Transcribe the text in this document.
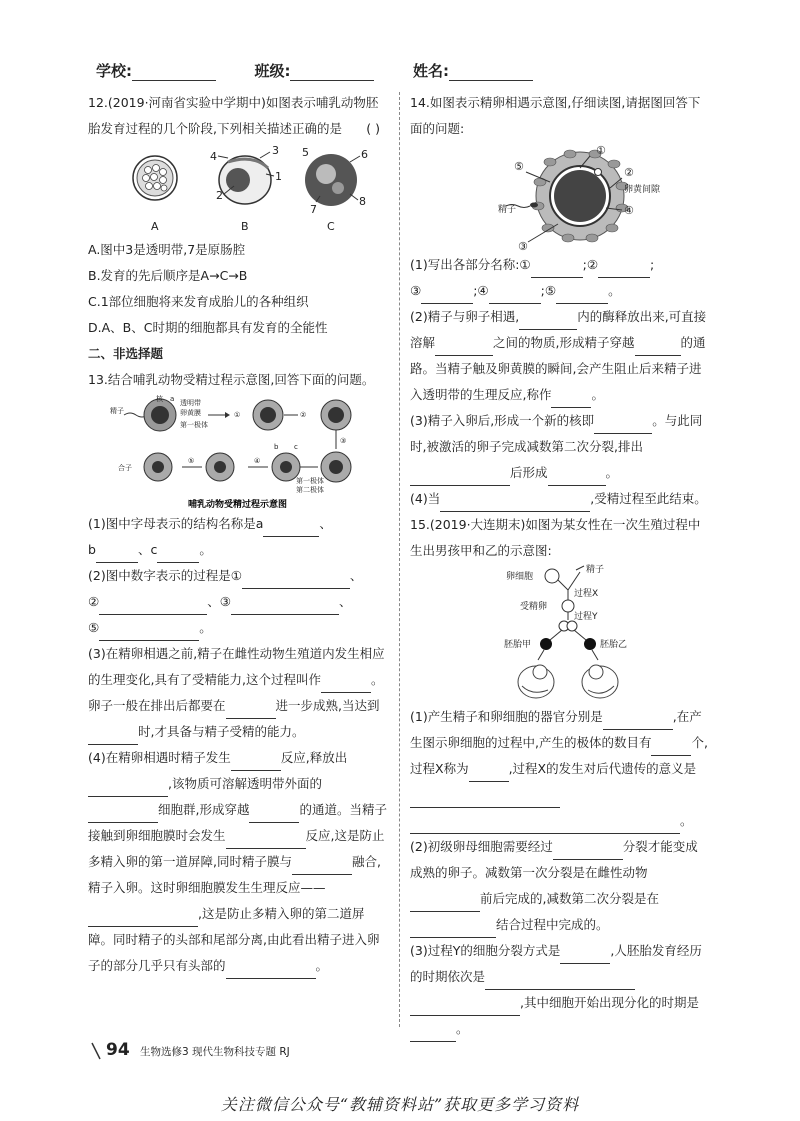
学校:	班级:	姓名:

12.(2019·河南省实验中学期中)如图表示哺乳动物胚胎发育过程的几个阶段,下列相关描述正确的是 ( )

4	3
1
2
5	6
7
8
A	B	C

A.图中3是透明带,7是原肠腔

B.发育的先后顺序是A→C→B

C.1部位细胞将来发育成胎儿的各种组织

D.A、B、C时期的细胞都具有发育的全能性

二、非选择题

13.结合哺乳动物受精过程示意图,回答下面的问题。

精子
核 a 透明带
卵黄膜
第一极体
①	②
③
b c
第一极体
第二极体
④
⑤
合子
哺乳动物受精过程示意图

(1)图中字母表示的结构名称是a	、
b	、c	。

(2)图中数字表示的过程是①	、
②	、③	、
⑤	。

(3)在精卵相遇之前,精子在雌性动物生殖道内发生相应的生理变化,具有了受精能力,这个过程叫作	。卵子一般在排出后都要在	进一步成熟,当达到时,才具备与精子受精的能力。

(4)在精卵相遇时精子发生	反应,释放出,该物质可溶解透明带外面的细胞群,形成穿越	的通道。当精子接触到卵细胞膜时会发生	反应,这是防止多精入卵的第一道屏障,同时精子膜与	融合,精子入卵。这时卵细胞膜发生生理反应——,这是防止多精入卵的第二道屏障。同时精子的头部和尾部分离,由此看出精子进入卵子的部分几乎只有头部的	。

14.如图表示精卵相遇示意图,仔细读图,请据图回答下面的问题:

精子
①
②
卵黄间隙
④
⑤
③

(1)写出各部分名称:①	;②	;
③	;④	;⑤	。

(2)精子与卵子相遇,	内的酶释放出来,可直接溶解	之间的物质,形成精子穿越	的通路。当精子触及卵黄膜的瞬间,会产生阻止后来精子进入透明带的生理反应,称作	。

(3)精子入卵后,形成一个新的核即	。与此同时,被激活的卵子完成减数第二次分裂,排出后形成	。

(4)当	,受精过程至此结束。

15.(2019·大连期末)如图为某女性在一次生殖过程中生出男孩甲和乙的示意图:

卵细胞
精子
过程X
受精卵
过程Y
胚胎甲	胚胎乙

(1)产生精子和卵细胞的器官分别是	,在产生图示卵细胞的过程中,产生的极体的数目有	个,过程X称为	,过程X的发生对后代遗传的意义是
。

(2)初级卵母细胞需要经过	分裂才能变成成熟的卵子。减数第一次分裂是在雌性动物前后完成的,减数第二次分裂是在结合过程中完成的。

(3)过程Y的细胞分裂方式是	,人胚胎发育经历的时期依次是
,其中细胞开始出现分化的时期是。

94 生物选修3 现代生物科技专题 RJ
关注微信公众号“教辅资料站”获取更多学习资料
